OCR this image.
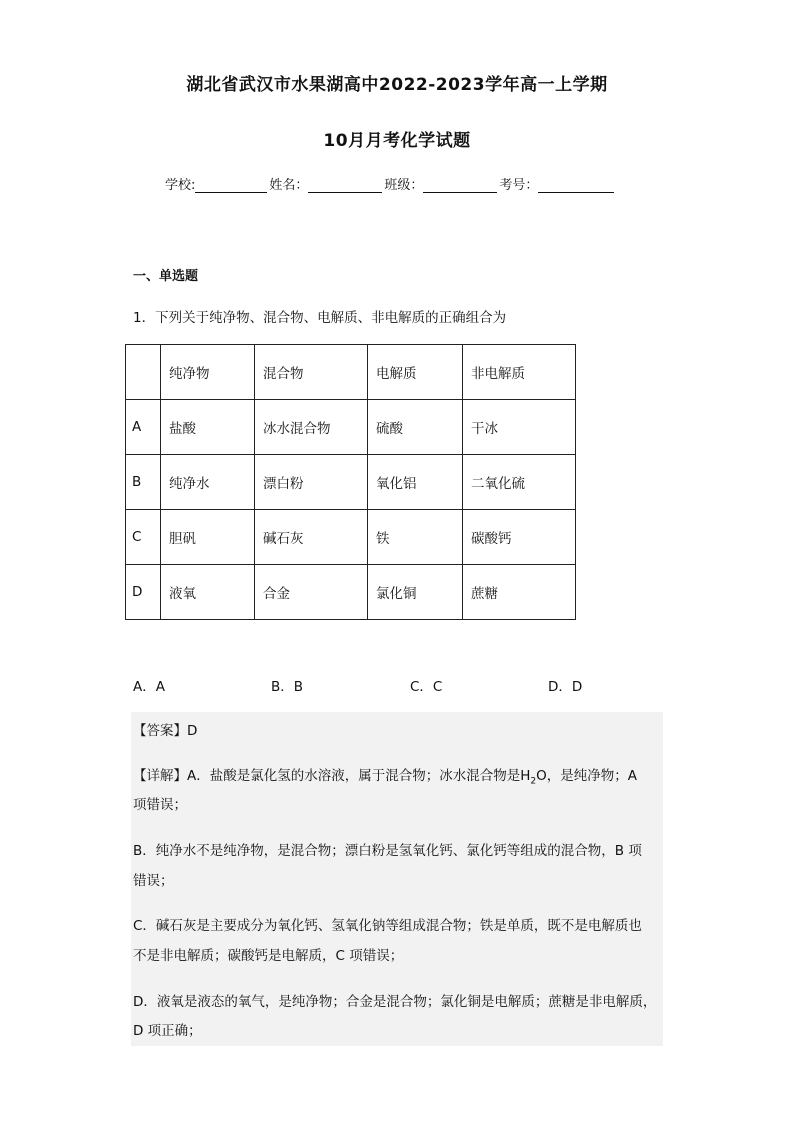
湖北省武汉市水果湖高中2022-2023学年高一上学期
10月月考化学试题
学校:	姓名：	班级：	考号：
一、单选题
1．下列关于纯净物、混合物、电解质、非电解质的正确组合为
	纯净物	混合物	电解质	非电解质
A	盐酸	冰水混合物	硫酸	干冰
B	纯净水	漂白粉	氧化铝	二氧化硫
C	胆矾	碱石灰	铁	碳酸钙
D	液氧	合金	氯化铜	蔗糖
A．A	B．B	C．C	D．D
【答案】D
【详解】A．盐酸是氯化氢的水溶液，属于混合物；冰水混合物是$H_2O$，是纯净物；A
项错误；
B．纯净水不是纯净物，是混合物；漂白粉是氢氧化钙、氯化钙等组成的混合物，B 项
错误；
C．碱石灰是主要成分为氧化钙、氢氧化钠等组成混合物；铁是单质，既不是电解质也
不是非电解质；碳酸钙是电解质，C 项错误；
D．液氧是液态的氧气，是纯净物；合金是混合物；氯化铜是电解质；蔗糖是非电解质，
D 项正确；
